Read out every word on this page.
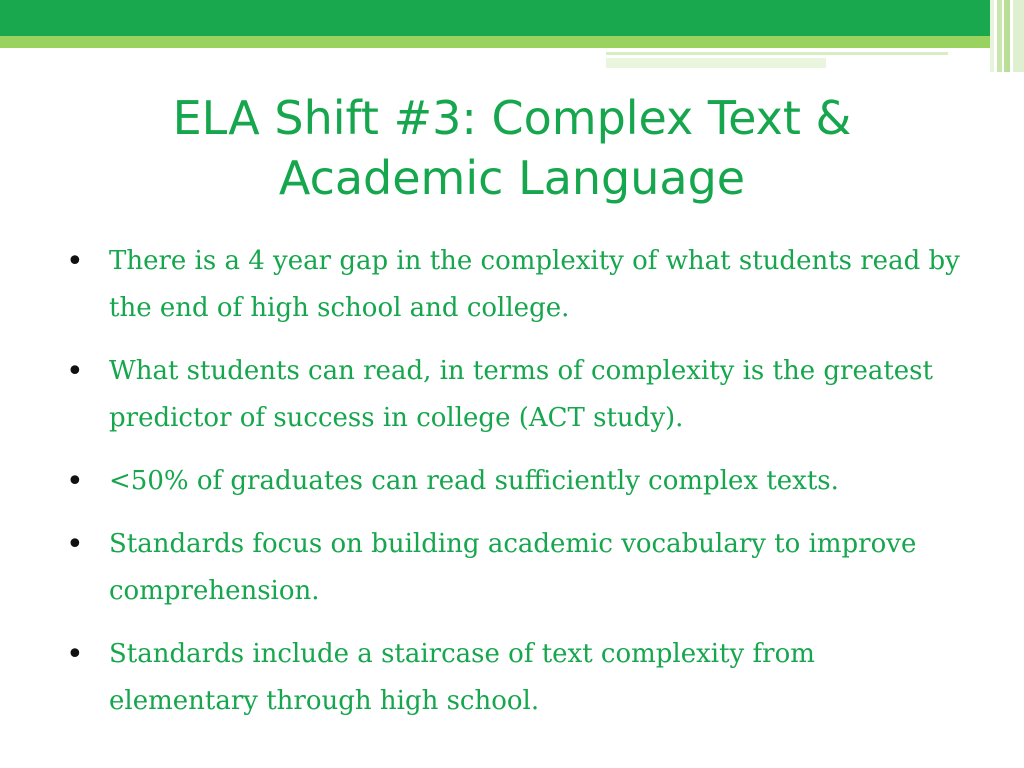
ELA Shift #3: Complex Text &
Academic Language
• There is a 4 year gap in the complexity of what students read by the end of high school and college.
• What students can read, in terms of complexity is the greatest predictor of success in college (ACT study).
• <50% of graduates can read sufficiently complex texts.
• Standards focus on building academic vocabulary to improve comprehension.
• Standards include a staircase of text complexity from elementary through high school.
